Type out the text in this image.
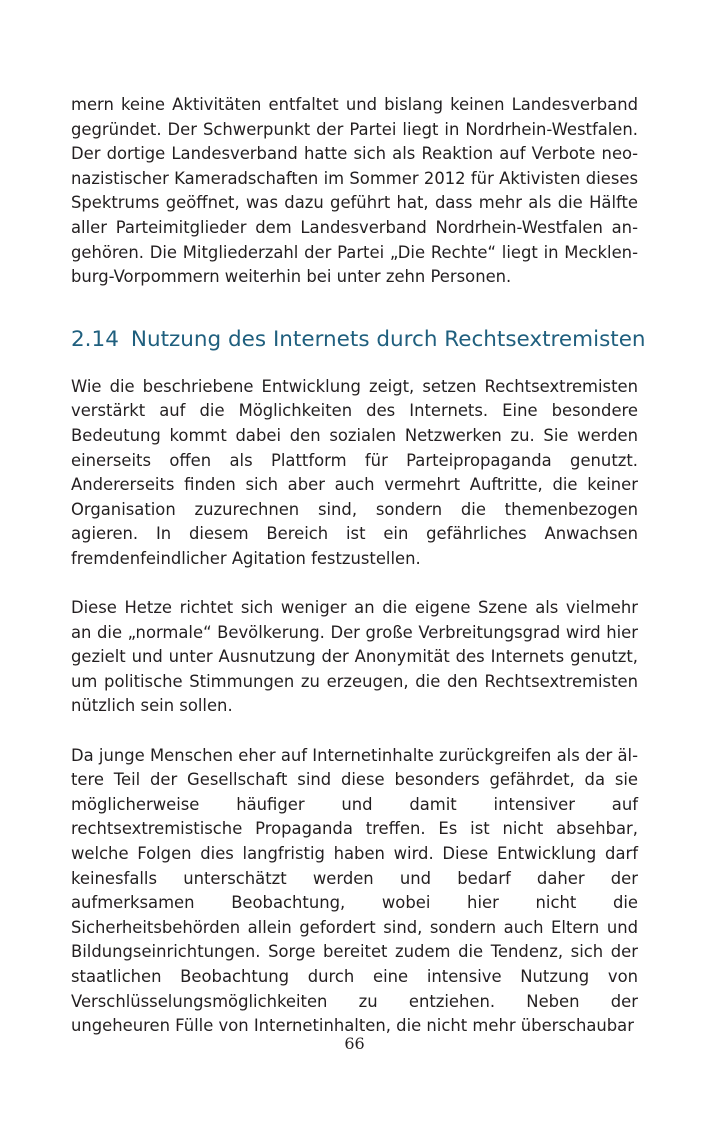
mern keine Aktivitäten entfaltet und bislang keinen Landesverband gegründet. Der Schwerpunkt der Partei liegt in Nordrhein-Westfalen. Der dortige Landesverband hatte sich als Reaktion auf Verbote neonazistischer Kameradschaften im Sommer 2012 für Aktivisten dieses Spektrums geöffnet, was dazu geführt hat, dass mehr als die Hälfte aller Parteimitglieder dem Landesverband Nordrhein-Westfalen angehören. Die Mitgliederzahl der Partei „Die Rechte“ liegt in Mecklenburg-Vorpommern weiterhin bei unter zehn Personen.

2.14 Nutzung des Internets durch Rechtsextremisten

Wie die beschriebene Entwicklung zeigt, setzen Rechtsextremisten verstärkt auf die Möglichkeiten des Internets. Eine besondere Bedeutung kommt dabei den sozialen Netzwerken zu. Sie werden einerseits offen als Plattform für Parteipropaganda genutzt. Andererseits finden sich aber auch vermehrt Auftritte, die keiner Organisation zuzurechnen sind, sondern die themenbezogen agieren. In diesem Bereich ist ein gefährliches Anwachsen fremdenfeindlicher Agitation festzustellen.

Diese Hetze richtet sich weniger an die eigene Szene als vielmehr an die „normale“ Bevölkerung. Der große Verbreitungsgrad wird hier gezielt und unter Ausnutzung der Anonymität des Internets genutzt, um politische Stimmungen zu erzeugen, die den Rechtsextremisten nützlich sein sollen.

Da junge Menschen eher auf Internetinhalte zurückgreifen als der ältere Teil der Gesellschaft sind diese besonders gefährdet, da sie möglicherweise häufiger und damit intensiver auf rechtsextremistische Propaganda treffen. Es ist nicht absehbar, welche Folgen dies langfristig haben wird. Diese Entwicklung darf keinesfalls unterschätzt werden und bedarf daher der aufmerksamen Beobachtung, wobei hier nicht die Sicherheitsbehörden allein gefordert sind, sondern auch Eltern und Bildungseinrichtungen. Sorge bereitet zudem die Tendenz, sich der staatlichen Beobachtung durch eine intensive Nutzung von Verschlüsselungsmöglichkeiten zu entziehen. Neben der ungeheuren Fülle von Internetinhalten, die nicht mehr überschaubar

66
